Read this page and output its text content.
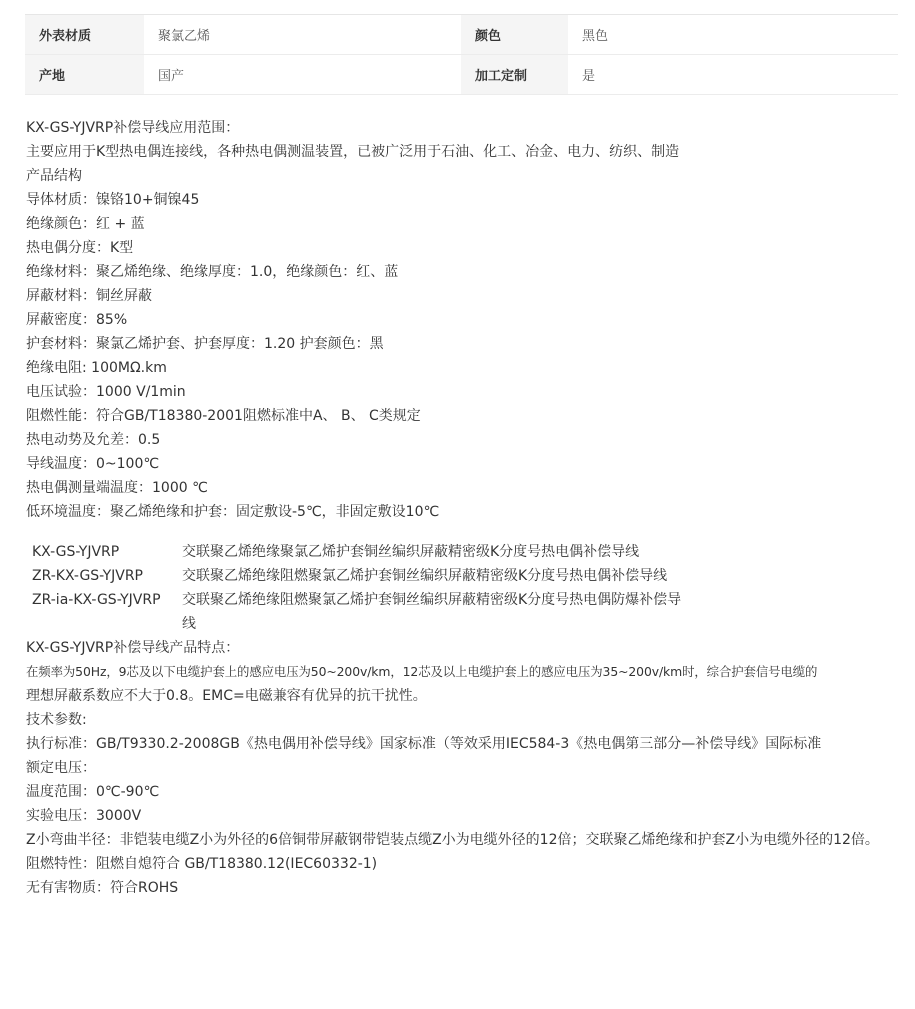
外表材质	聚氯乙烯	颜色	黑色
产地	国产	加工定制	是
KX-GS-YJVRP补偿导线应用范围：
主要应用于K型热电偶连接线，各种热电偶测温装置，已被广泛用于石油、化工、冶金、电力、纺织、制造
产品结构
导体材质：镍铬10+铜镍45
绝缘颜色：红 + 蓝
热电偶分度：K型
绝缘材料：聚乙烯绝缘、绝缘厚度：1.0，绝缘颜色：红、蓝
屏蔽材料：铜丝屏蔽
屏蔽密度：85%
护套材料：聚氯乙烯护套、护套厚度：1.20 护套颜色：黑
绝缘电阻: 100MΩ.km
电压试验：1000 V/1min
阻燃性能：符合GB/T18380-2001阻燃标准中A、 B、 C类规定
热电动势及允差：0.5
导线温度：0~100℃
热电偶测量端温度：1000 ℃
低环境温度：聚乙烯绝缘和护套：固定敷设-5℃，非固定敷设10℃
KX-GS-YJVRP	交联聚乙烯绝缘聚氯乙烯护套铜丝编织屏蔽精密级K分度号热电偶补偿导线
ZR-KX-GS-YJVRP	交联聚乙烯绝缘阻燃聚氯乙烯护套铜丝编织屏蔽精密级K分度号热电偶补偿导线
ZR-ia-KX-GS-YJVRP	交联聚乙烯绝缘阻燃聚氯乙烯护套铜丝编织屏蔽精密级K分度号热电偶防爆补偿导线
KX-GS-YJVRP补偿导线产品特点：
在频率为50Hz，9芯及以下电缆护套上的感应电压为50~200v/km，12芯及以上电缆护套上的感应电压为35~200v/km时，综合护套信号电缆的
理想屏蔽系数应不大于0.8。EMC=电磁兼容有优异的抗干扰性。
技术参数:
执行标准：GB/T9330.2-2008GB《热电偶用补偿导线》国家标准（等效采用IEC584-3《热电偶第三部分—补偿导线》国际标准
额定电压：
温度范围：0℃-90℃
实验电压：3000V
Z小弯曲半径：非铠装电缆Z小为外径的6倍铜带屏蔽钢带铠装点缆Z小为电缆外径的12倍；交联聚乙烯绝缘和护套Z小为电缆外径的12倍。
阻燃特性：阻燃自熄符合 GB/T18380.12(IEC60332-1)
无有害物质：符合ROHS
